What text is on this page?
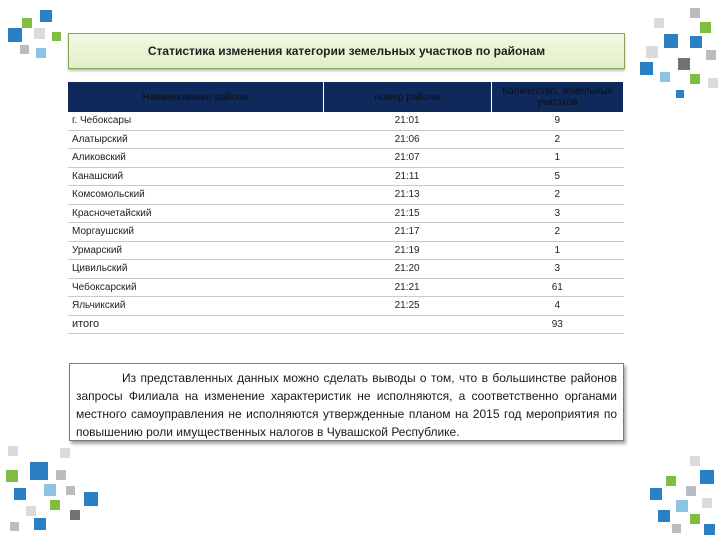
Статистика изменения категории земельных участков по районам
Наименование района	номер района	Количество, земельных участков
г. Чебоксары	21:01	9
Алатырский	21:06	2
Аликовский	21:07	1
Канашский	21:11	5
Комсомольский	21:13	2
Красночетайский	21:15	3
Моргаушский	21:17	2
Урмарский	21:19	1
Цивильский	21:20	3
Чебоксарский	21:21	61
Яльчикский	21:25	4
итого		93

Из представленных данных можно сделать выводы о том, что в большинстве районов запросы Филиала на изменение характеристик не исполняются, а соответственно органами местного самоуправления не исполняются утвержденные планом на 2015 год мероприятия по повышению роли имущественных налогов в Чувашской Республике.
